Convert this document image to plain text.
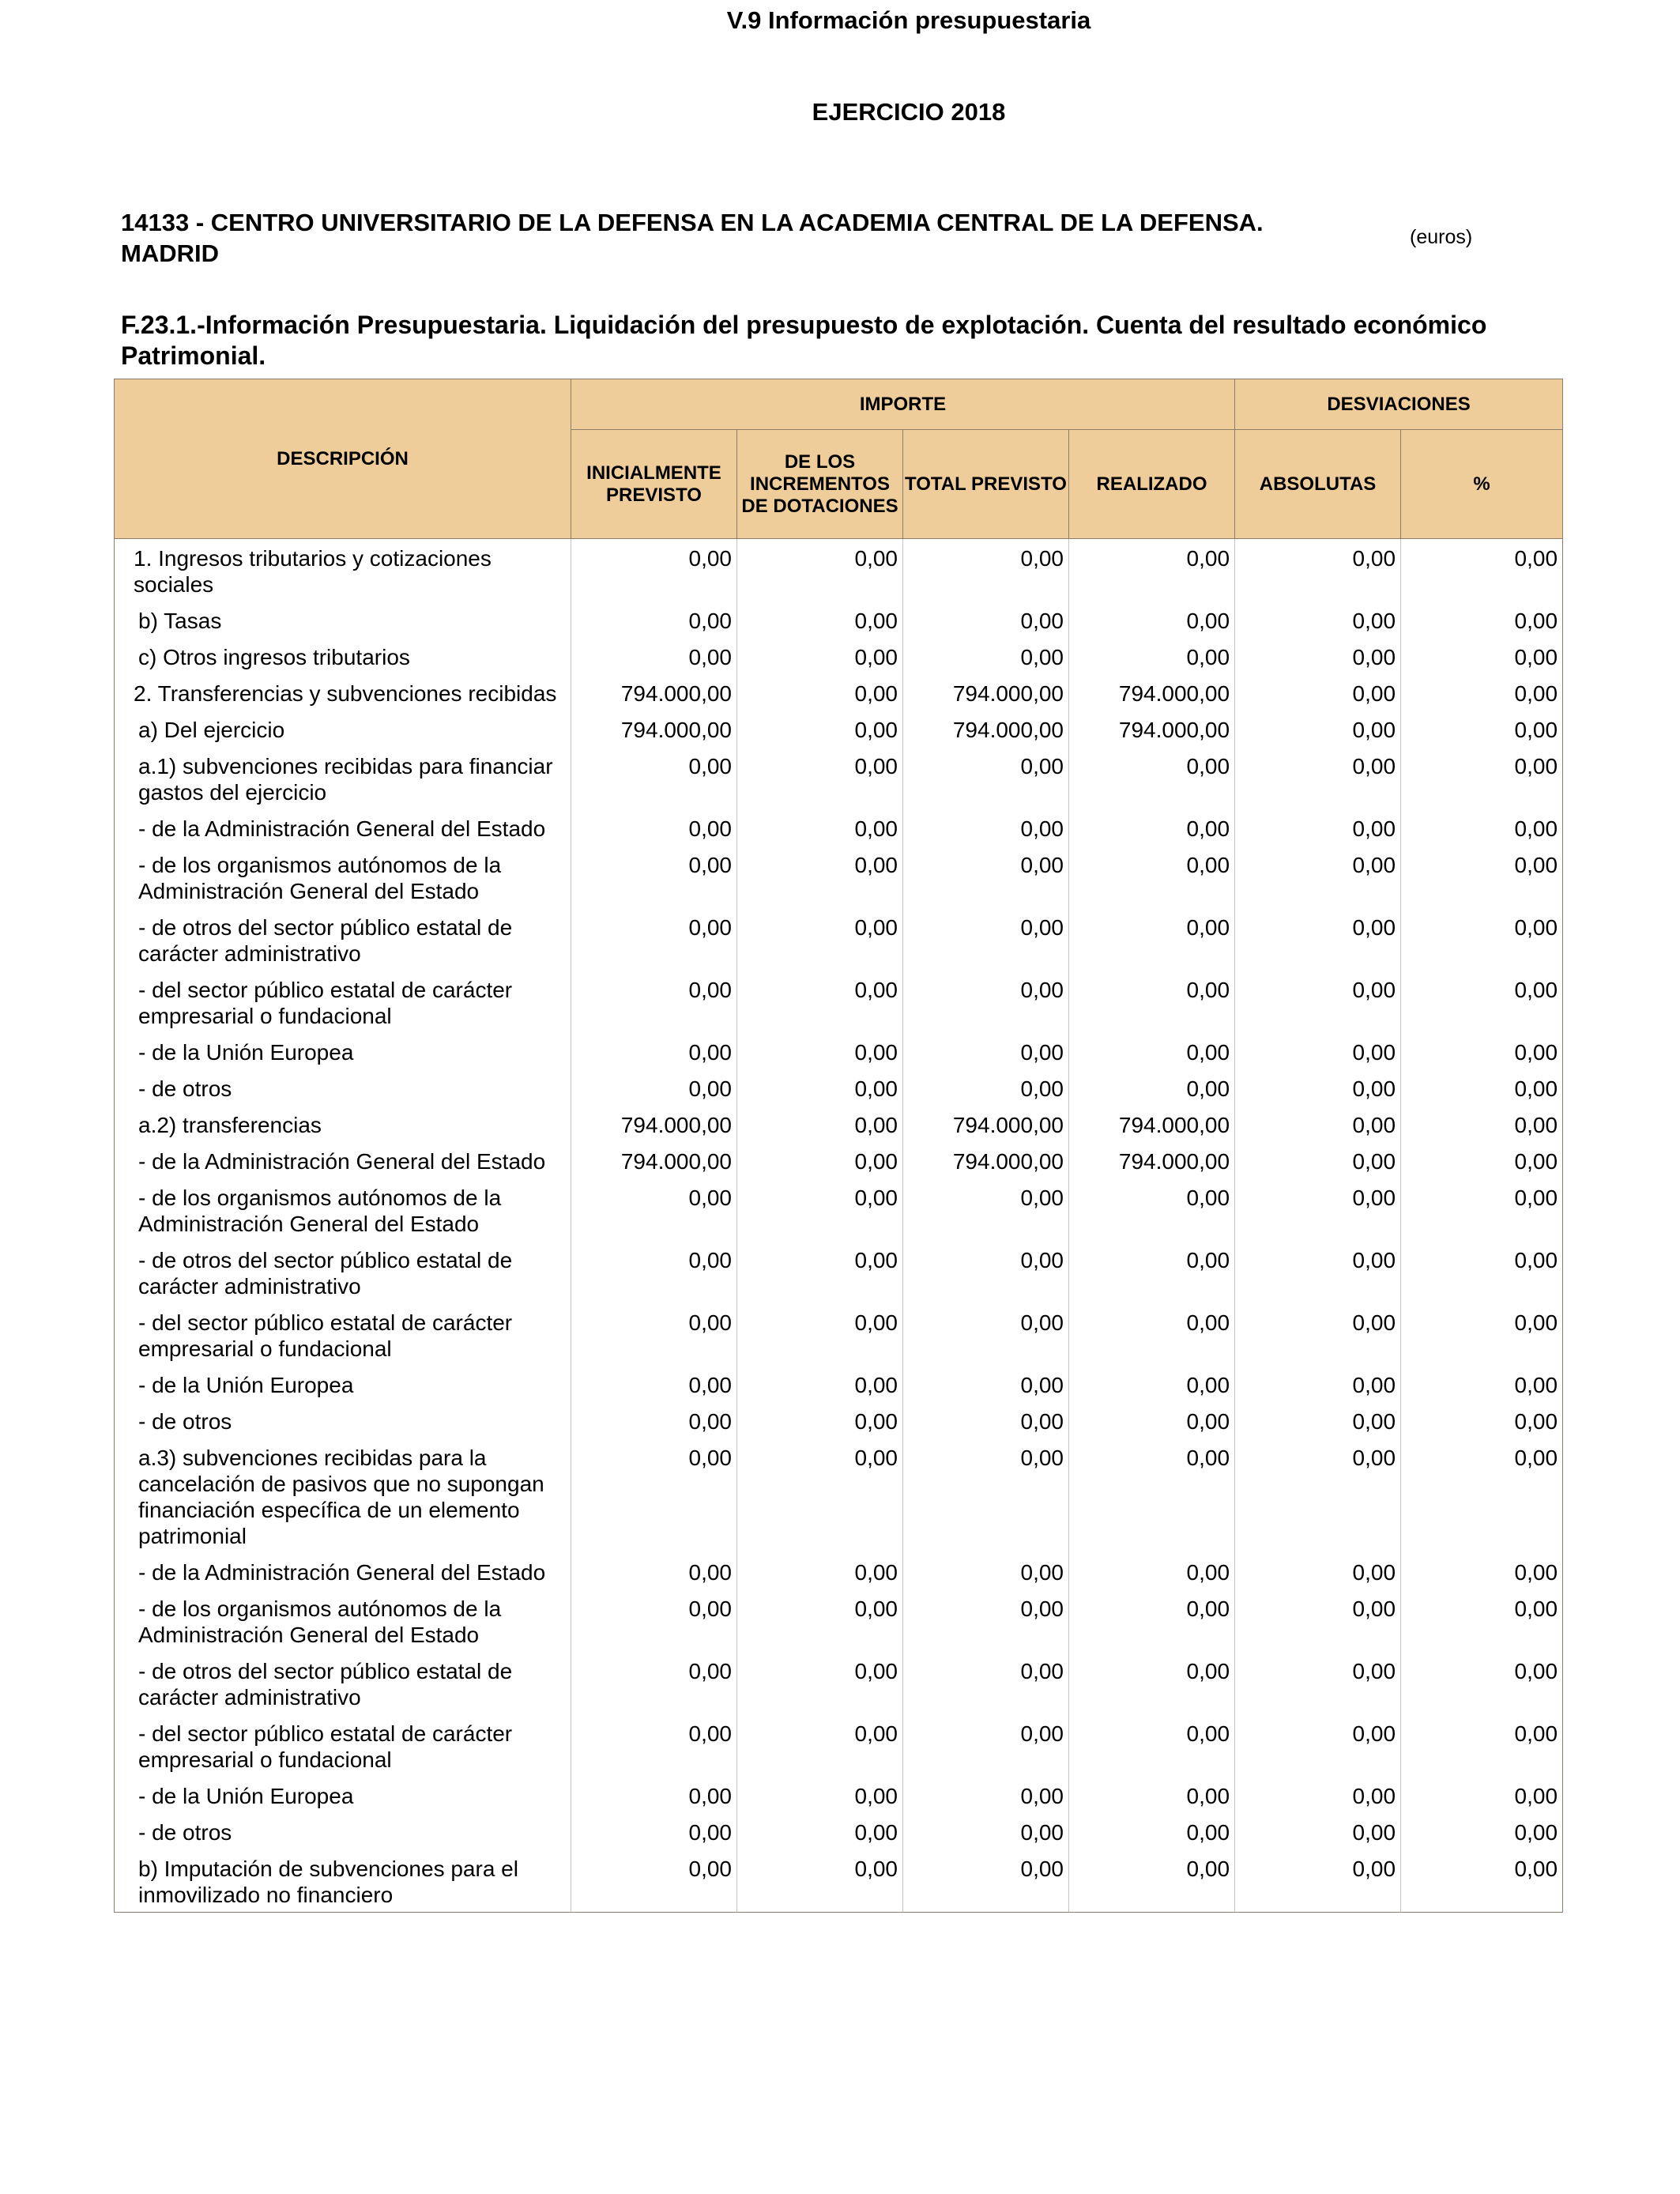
V.9 Información presupuestaria
EJERCICIO 2018
14133 - CENTRO UNIVERSITARIO DE LA DEFENSA EN LA ACADEMIA CENTRAL DE LA DEFENSA. MADRID
(euros)
F.23.1.-Información Presupuestaria. Liquidación del presupuesto de explotación. Cuenta del resultado económico Patrimonial.
DESCRIPCIÓN	IMPORTE				DESVIACIONES	
	INICIALMENTE PREVISTO	DE LOS INCREMENTOS DE DOTACIONES	TOTAL PREVISTO	REALIZADO	ABSOLUTAS	%
1. Ingresos tributarios y cotizaciones sociales	0,00	0,00	0,00	0,00	0,00	0,00
b) Tasas	0,00	0,00	0,00	0,00	0,00	0,00
c) Otros ingresos tributarios	0,00	0,00	0,00	0,00	0,00	0,00
2. Transferencias y subvenciones recibidas	794.000,00	0,00	794.000,00	794.000,00	0,00	0,00
a) Del ejercicio	794.000,00	0,00	794.000,00	794.000,00	0,00	0,00
a.1) subvenciones recibidas para financiar gastos del ejercicio	0,00	0,00	0,00	0,00	0,00	0,00
- de la Administración General del Estado	0,00	0,00	0,00	0,00	0,00	0,00
- de los organismos autónomos de la Administración General del Estado	0,00	0,00	0,00	0,00	0,00	0,00
- de otros del sector público estatal de carácter administrativo	0,00	0,00	0,00	0,00	0,00	0,00
- del sector público estatal de carácter empresarial o fundacional	0,00	0,00	0,00	0,00	0,00	0,00
- de la Unión Europea	0,00	0,00	0,00	0,00	0,00	0,00
- de otros	0,00	0,00	0,00	0,00	0,00	0,00
a.2) transferencias	794.000,00	0,00	794.000,00	794.000,00	0,00	0,00
- de la Administración General del Estado	794.000,00	0,00	794.000,00	794.000,00	0,00	0,00
- de los organismos autónomos de la Administración General del Estado	0,00	0,00	0,00	0,00	0,00	0,00
- de otros del sector público estatal de carácter administrativo	0,00	0,00	0,00	0,00	0,00	0,00
- del sector público estatal de carácter empresarial o fundacional	0,00	0,00	0,00	0,00	0,00	0,00
- de la Unión Europea	0,00	0,00	0,00	0,00	0,00	0,00
- de otros	0,00	0,00	0,00	0,00	0,00	0,00
a.3) subvenciones recibidas para la cancelación de pasivos que no supongan financiación específica de un elemento patrimonial	0,00	0,00	0,00	0,00	0,00	0,00
- de la Administración General del Estado	0,00	0,00	0,00	0,00	0,00	0,00
- de los organismos autónomos de la Administración General del Estado	0,00	0,00	0,00	0,00	0,00	0,00
- de otros del sector público estatal de carácter administrativo	0,00	0,00	0,00	0,00	0,00	0,00
- del sector público estatal de carácter empresarial o fundacional	0,00	0,00	0,00	0,00	0,00	0,00
- de la Unión Europea	0,00	0,00	0,00	0,00	0,00	0,00
- de otros	0,00	0,00	0,00	0,00	0,00	0,00
b) Imputación de subvenciones para el inmovilizado no financiero	0,00	0,00	0,00	0,00	0,00	0,00
